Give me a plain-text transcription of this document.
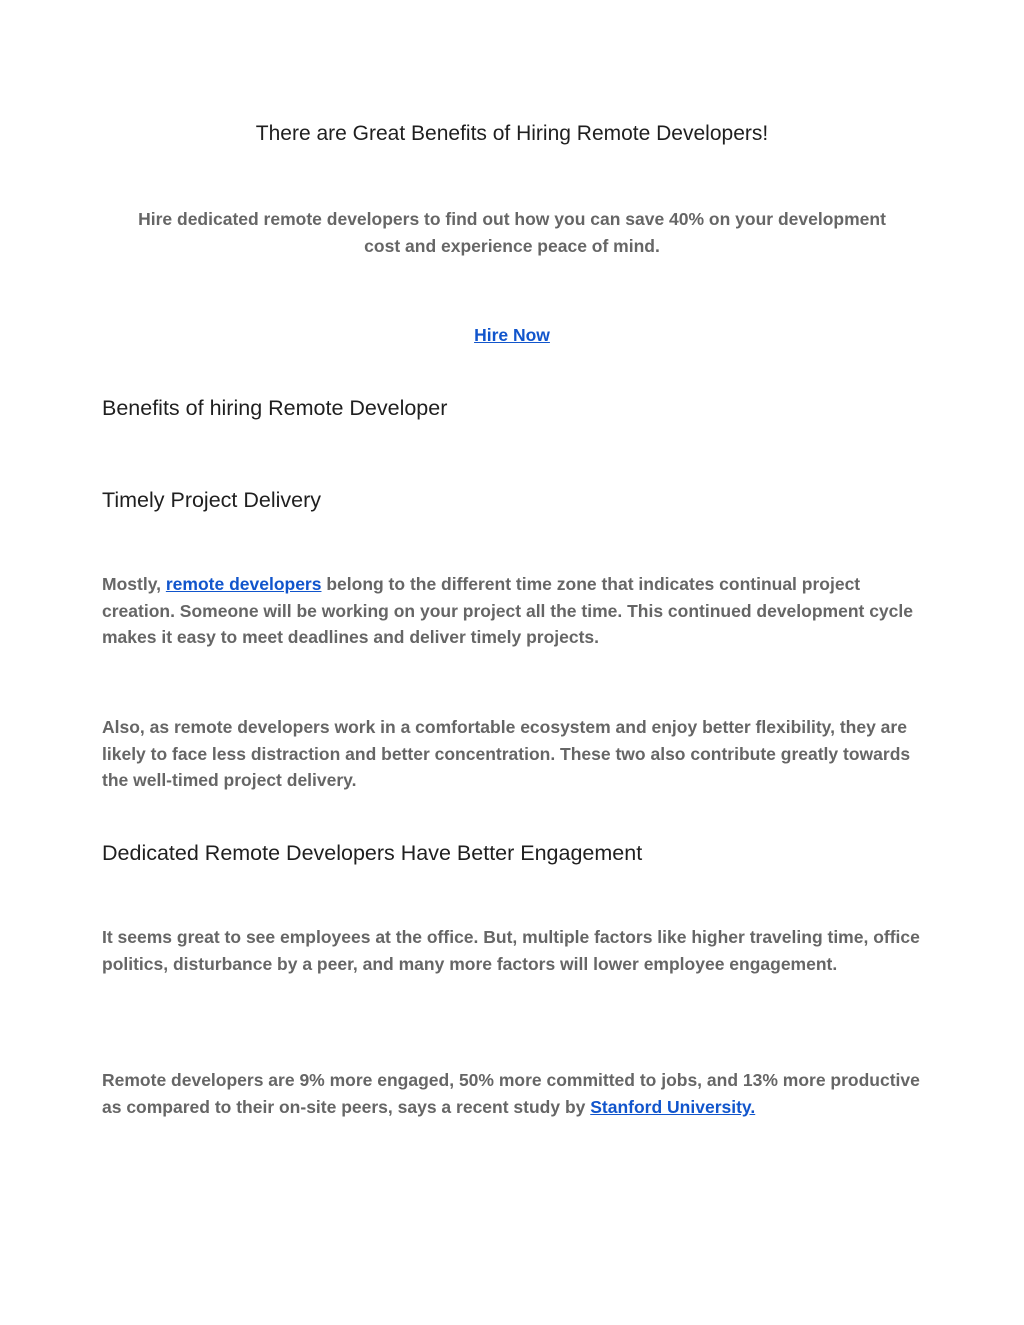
There are Great Benefits of Hiring Remote Developers!

Hire dedicated remote developers to find out how you can save 40% on your development cost and experience peace of mind.

Hire Now
Benefits of hiring Remote Developer
Timely Project Delivery

Mostly, remote developers belong to the different time zone that indicates continual project creation. Someone will be working on your project all the time. This continued development cycle makes it easy to meet deadlines and deliver timely projects.

Also, as remote developers work in a comfortable ecosystem and enjoy better flexibility, they are likely to face less distraction and better concentration. These two also contribute greatly towards the well-timed project delivery.

Dedicated Remote Developers Have Better Engagement

It seems great to see employees at the office. But, multiple factors like higher traveling time, office politics, disturbance by a peer, and many more factors will lower employee engagement.

Remote developers are 9% more engaged, 50% more committed to jobs, and 13% more productive as compared to their on-site peers, says a recent study by Stanford University.
